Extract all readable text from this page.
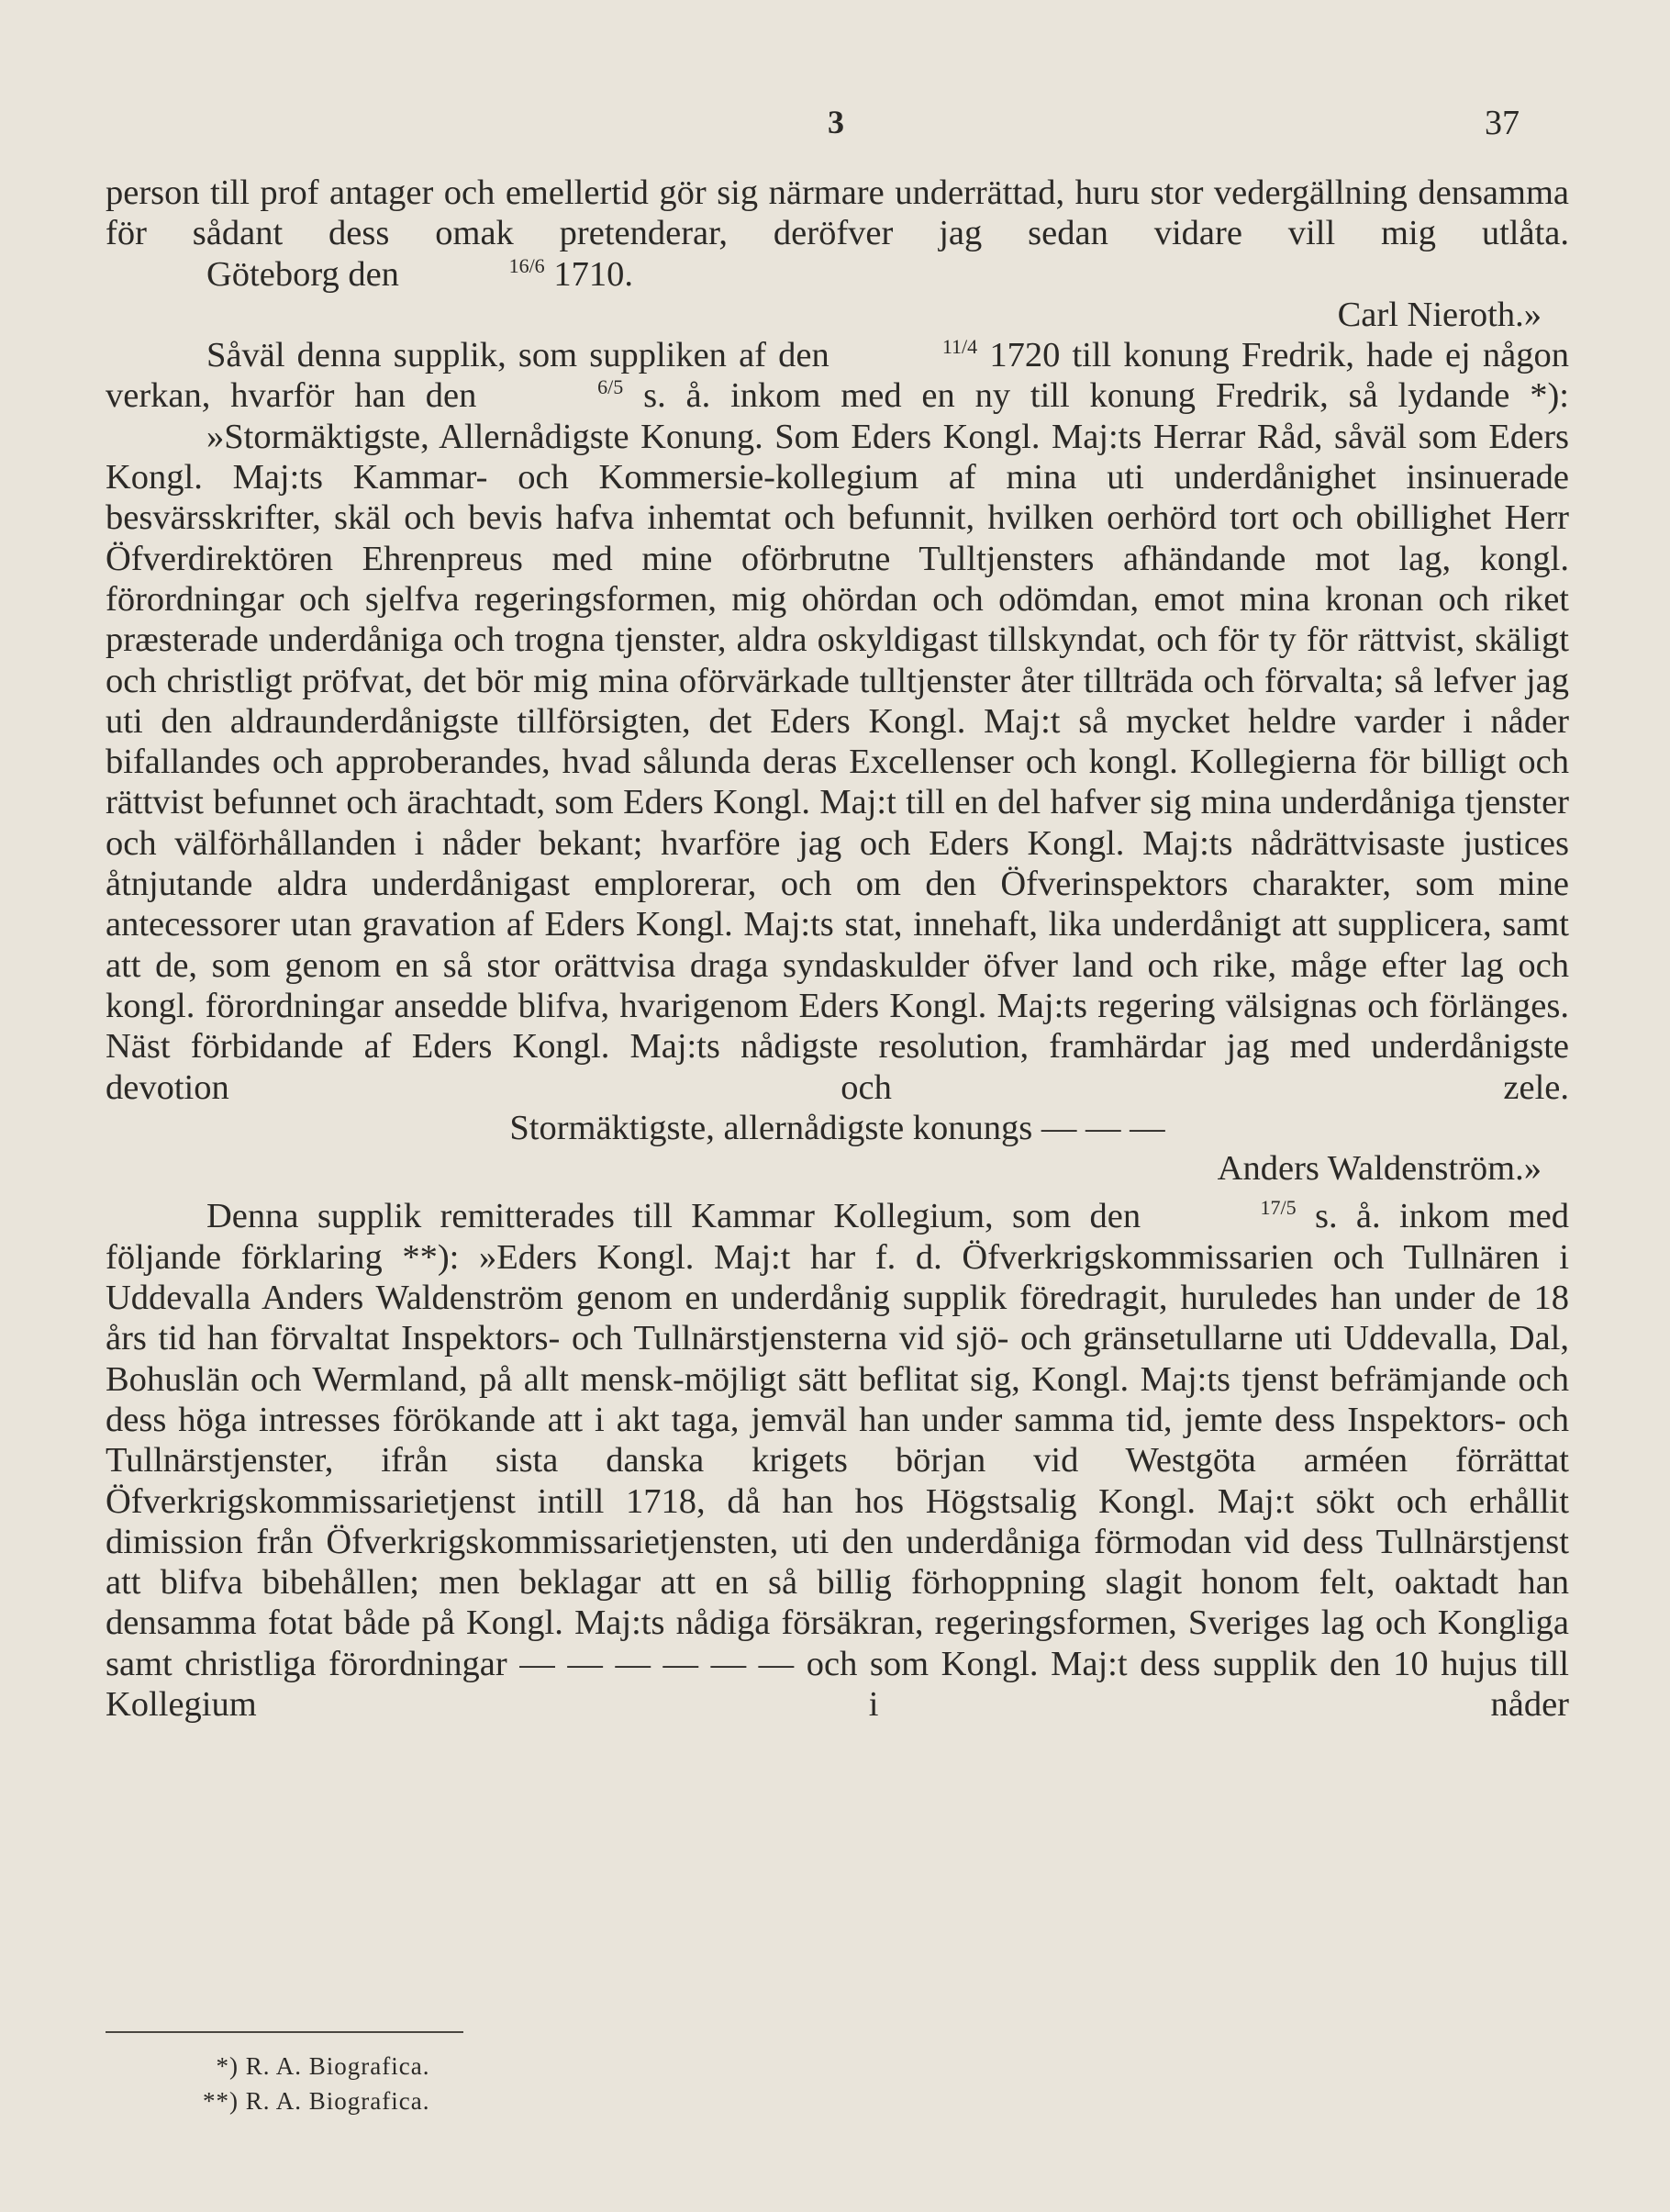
3	37

person till prof antager och emellertid gör sig närmare underrättad, huru stor vedergällning densamma för sådant dess omak pretenderar, deröfver jag sedan vidare vill mig utlåta.

Göteborg den	16/6 1710.

Carl Nieroth.»

Såväl denna supplik, som suppliken af den	11/4 1720 till konung Fredrik, hade ej någon verkan, hvarför han den	6/5 s. å. inkom med en ny till konung Fredrik, så lydande *):

»Stormäktigste, Allernådigste Konung. Som Eders Kongl. Maj:ts Herrar Råd, såväl som Eders Kongl. Maj:ts Kammar- och Kommersie-kollegium af mina uti underdånighet insinuerade besvärsskrifter, skäl och bevis hafva inhemtat och befunnit, hvilken oerhörd tort och obillighet Herr Öfverdirektören Ehrenpreus med mine oförbrutne Tulltjensters afhändande mot lag, kongl. förordningar och sjelfva regeringsformen, mig ohördan och odömdan, emot mina kronan och riket præsterade underdåniga och trogna tjenster, aldra oskyldigast tillskyndat, och för ty för rättvist, skäligt och christligt pröfvat, det bör mig mina oförvärkade tulltjenster åter tillträda och förvalta; så lefver jag uti den aldraunderdånigste tillförsigten, det Eders Kongl. Maj:t så mycket heldre varder i nåder bifallandes och approberandes, hvad sålunda deras Excellenser och kongl. Kollegierna för billigt och rättvist befunnet och ärachtadt, som Eders Kongl. Maj:t till en del hafver sig mina underdåniga tjenster och välförhållanden i nåder bekant; hvarföre jag och Eders Kongl. Maj:ts nådrättvisaste justices åtnjutande aldra underdånigast emplorerar, och om den Öfverinspektors charakter, som mine antecessorer utan gravation af Eders Kongl. Maj:ts stat, innehaft, lika underdånigt att supplicera, samt att de, som genom en så stor orättvisa draga syndaskulder öfver land och rike, måge efter lag och kongl. förordningar ansedde blifva, hvarigenom Eders Kongl. Maj:ts regering välsignas och förlänges. Näst förbidande af Eders Kongl. Maj:ts nådigste resolution, framhärdar jag med underdånigste devotion och zele.

Stormäktigste, allernådigste konungs — — —

Anders Waldenström.»

Denna supplik remitterades till Kammar Kollegium, som den	17/5 s. å. inkom med följande förklaring **): »Eders Kongl. Maj:t har f. d. Öfverkrigskommissarien och Tullnären i Uddevalla Anders Waldenström genom en underdånig supplik föredragit, huruledes han under de 18 års tid han förvaltat Inspektors- och Tullnärstjensterna vid sjö- och gränsetullarne uti Uddevalla, Dal, Bohuslän och Wermland, på allt mensk-möjligt sätt beflitat sig, Kongl. Maj:ts tjenst befrämjande och dess höga intresses förökande att i akt taga, jemväl han under samma tid, jemte dess Inspektors- och Tullnärstjenster, ifrån sista danska krigets början vid Westgöta arméen förrättat Öfverkrigskommissarietjenst intill 1718, då han hos Högstsalig Kongl. Maj:t sökt och erhållit dimission från Öfverkrigskommissarietjensten, uti den underdåniga förmodan vid dess Tullnärstjenst att blifva bibehållen; men beklagar att en så billig förhoppning slagit honom felt, oaktadt han densamma fotat både på Kongl. Maj:ts nådiga försäkran, regeringsformen, Sveriges lag och Kongliga samt christliga förordningar — — — — — — och som Kongl. Maj:t dess supplik den 10 hujus till Kollegium i nåder

*) R. A. Biografica.
**) R. A. Biografica.
